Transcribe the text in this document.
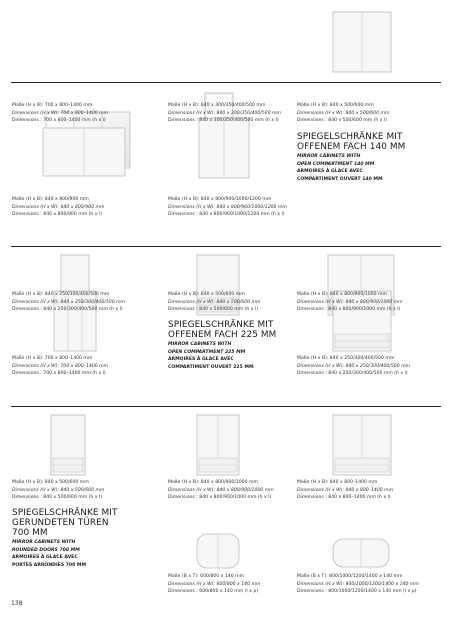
Maße (H x B): 700 x 800–1400 mm
Dimensions (H x W): 700 x 800–1400 mm
Dimensions : 700 x 800–1400 mm (h x l)
Maße (H x B): 840 x 300/350/400/500 mm
Dimensions (H x W): 840 x 300/350/400/500 mm
Dimensions : 840 x 300/350/400/500 mm (h x l)
Maße (H x B): 840 x 500/600 mm
Dimensions (H x W): 840 x 500/600 mm
Dimensions : 840 x 500/600 mm (h x l)
Maße (H x B): 840 x 800/900 mm
Dimensions (H x W): 840 x 800/900 mm
Dimensions : 840 x 800/900 mm (h x l)
Maße (H x B): 840 x 800/900/1000/1200 mm
Dimensions (H x W): 840 x 800/900/1000/1200 mm
Dimensions : 840 x 800/900/1000/1200 mm (h x l)
SPIEGELSCHRÄNKE MIT OFFENEM FACH 140 MM
MIRROR CABINETS WITH
OPEN COMPARTMENT 140 MM
ARMOIRES À GLACE AVEC
COMPARTIMENT OUVERT 140 MM
Maße (H x B): 840 x 250/300/400/500 mm
Dimensions (H x W): 840 x 250/300/400/500 mm
Dimensions : 840 x 250/300/400/500 mm (h x l)
Maße (H x B): 840 x 500/600 mm
Dimensions (H x W): 840 x 500/600 mm
Dimensions : 840 x 500/600 mm (h x l)
Maße (H x B): 840 x 800/900/1000 mm
Dimensions (H x W): 840 x 800/900/1000 mm
Dimensions : 840 x 800/900/1000 mm (h x l)
Maße (H x B): 700 x 800–1400 mm
Dimensions (H x W): 700 x 800–1400 mm
Dimensions : 700 x 800–1400 mm (h x l)
SPIEGELSCHRÄNKE MIT OFFENEM FACH 225 MM
MIRROR CABINETS WITH
OPEN COMPARTMENT 225 MM
ARMOIRES À GLACE AVEC
COMPARTIMENT OUVERT 225 MM
Maße (H x B): 840 x 250/300/400/500 mm
Dimensions (H x W): 840 x 250/300/400/500 mm
Dimensions : 840 x 250/300/400/500 mm (h x l)
Maße (H x B): 840 x 500/600 mm
Dimensions (H x W): 840 x 500/600 mm
Dimensions : 840 x 500/600 mm (h x l)
Maße (H x B): 840 x 800/900/1000 mm
Dimensions (H x W): 840 x 800/900/1000 mm
Dimensions : 840 x 800/900/1000 mm (h x l)
Maße (H x B): 840 x 800–1400 mm
Dimensions (H x W): 840 x 800–1400 mm
Dimensions : 840 x 800–1400 mm (h x l)
SPIEGELSCHRÄNKE MIT GERUNDETEN TÜREN 700 MM
MIRROR CABINETS WITH
ROUNDED DOORS 700 MM
ARMOIRES À GLACE AVEC
PORTES ARRONDIES 700 MM
Maße (B x T): 600/800 x 140 mm
Dimensions (H x W): 600/800 x 140 mm
Dimensions : 600/800 x 140 mm (l x p)
Maße (B x T): 800/1000/1200/1400 x 140 mm
Dimensions (H x W): 800/1000/1200/1400 x 140 mm
Dimensions : 800/1000/1200/1400 x 140 mm (l x p)
138
